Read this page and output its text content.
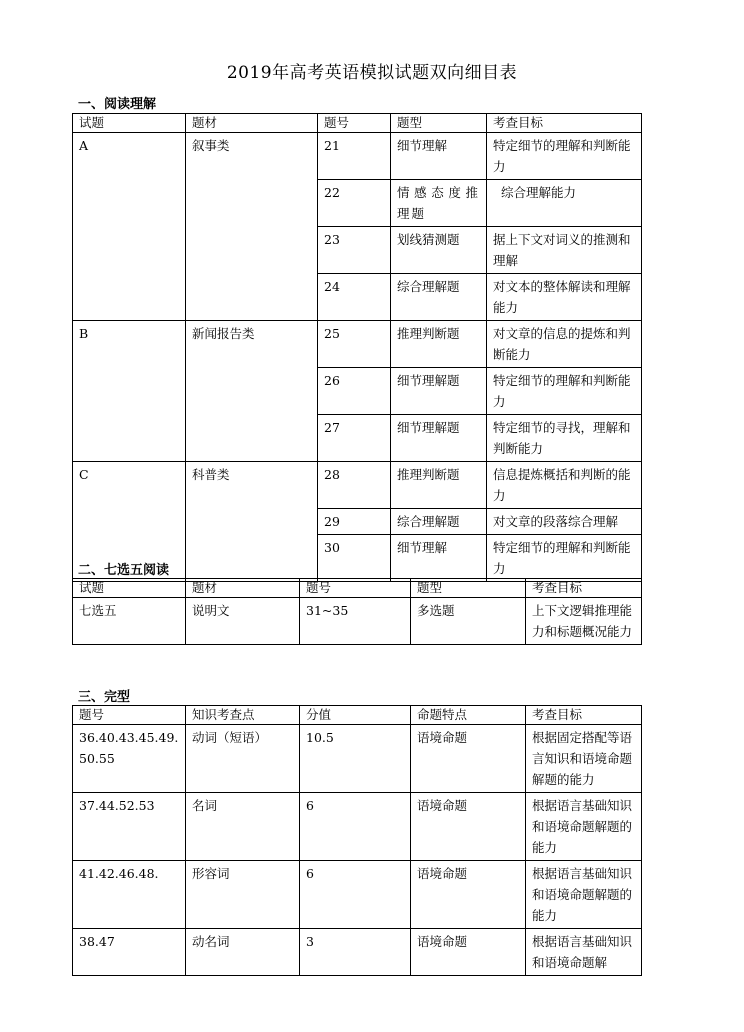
2019年高考英语模拟试题双向细目表
一、阅读理解
试题	题材	题号	题型	考查目标
A	叙事类	21	细节理解	特定细节的理解和判断能力
		22	情感态度推理题	综合理解能力
		23	划线猜测题	据上下文对词义的推测和理解
		24	综合理解题	对文本的整体解读和理解能力
B	新闻报告类	25	推理判断题	对文章的信息的提炼和判断能力
		26	细节理解题	特定细节的理解和判断能力
		27	细节理解题	特定细节的寻找，理解和判断能力
C	科普类	28	推理判断题	信息提炼概括和判断的能力
		29	综合理解题	对文章的段落综合理解
		30	细节理解	特定细节的理解和判断能力
二、七选五阅读
试题	题材	题号	题型	考查目标
七选五	说明文	31~35	多选题	上下文逻辑推理能力和标题概况能力
三、完型
题号	知识考查点	分值	命题特点	考查目标
36.40.43.45.49.50.55	动词（短语）	10.5	语境命题	根据固定搭配等语言知识和语境命题解题的能力
37.44.52.53	名词	6	语境命题	根据语言基础知识和语境命题解题的能力
41.42.46.48.	形容词	6	语境命题	根据语言基础知识和语境命题解题的能力
38.47	动名词	3	语境命题	根据语言基础知识和语境命题解
